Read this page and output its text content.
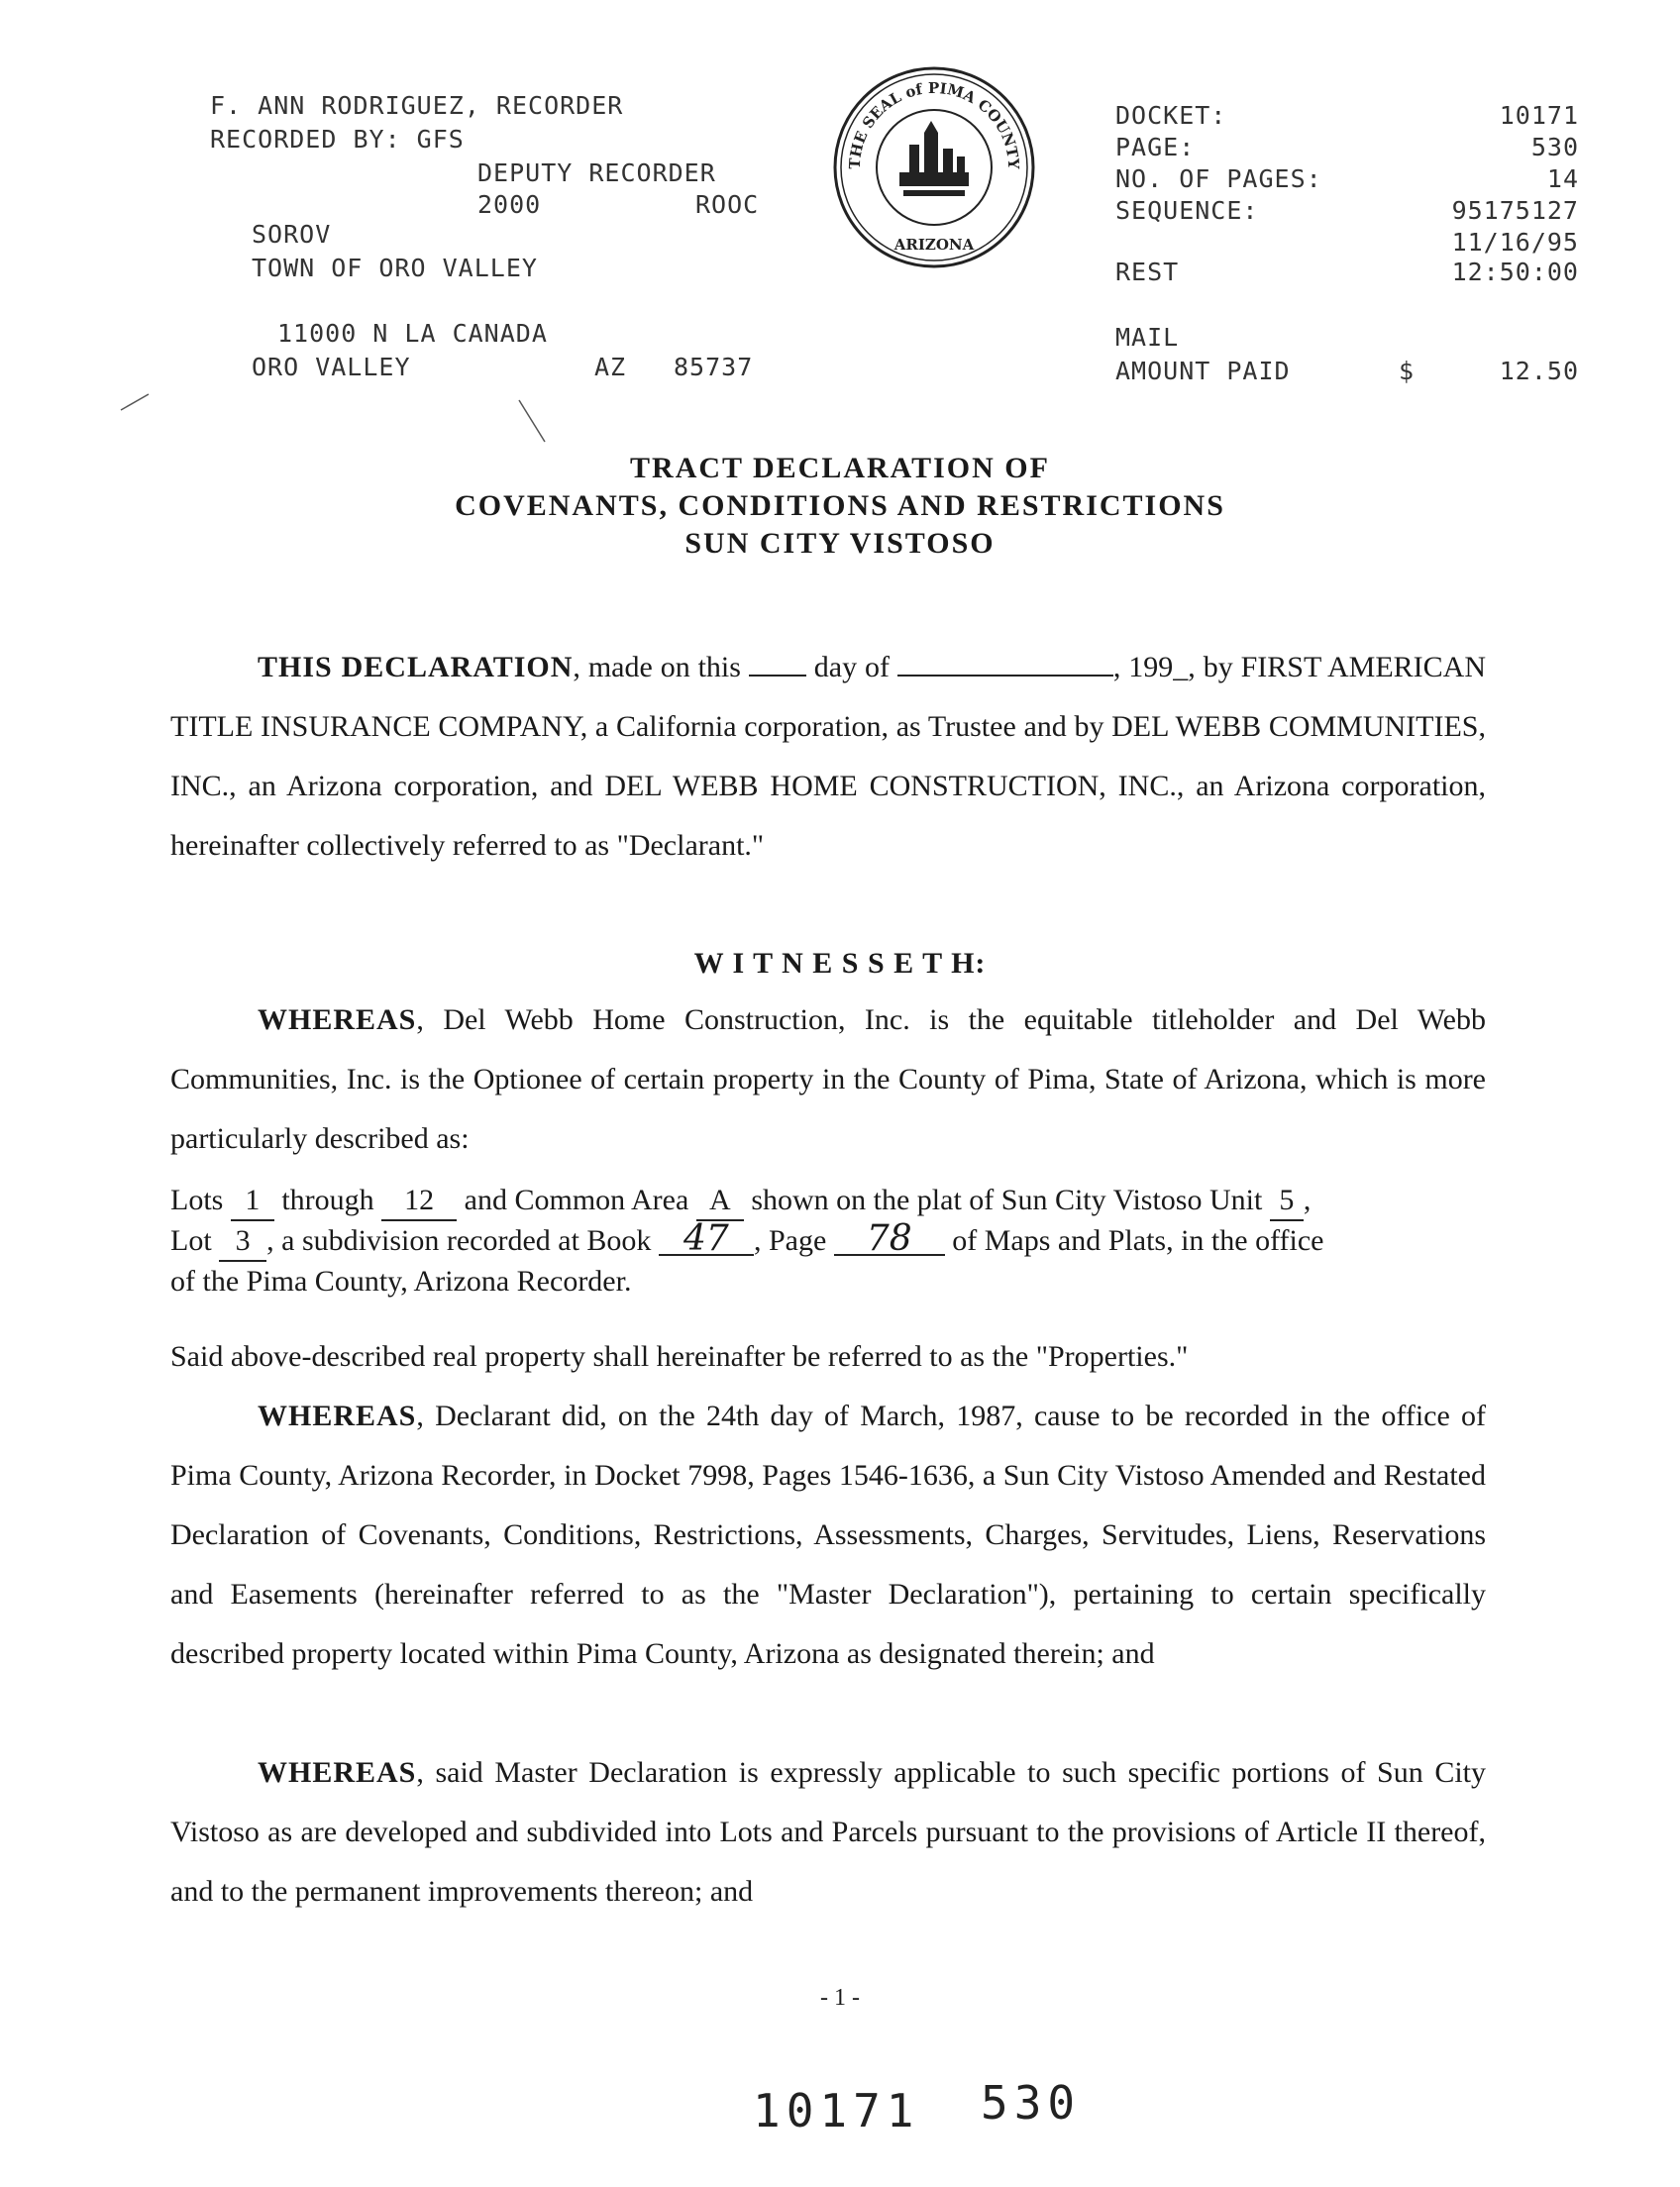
F. ANN RODRIGUEZ, RECORDER
RECORDED BY: GFS
DEPUTY RECORDER
2000	ROOC
SOROV
TOWN OF ORO VALLEY
11000 N LA CANADA
ORO VALLEY	AZ 85737
THE SEAL of PIMA COUNTY
ARIZONA
DOCKET:	10171
PAGE:	530
NO. OF PAGES:	14
SEQUENCE:	95175127
11/16/95
REST	12:50:00
MAIL
AMOUNT PAID	$	12.50
TRACT DECLARATION OF
COVENANTS, CONDITIONS AND RESTRICTIONS
SUN CITY VISTOSO
THIS DECLARATION, made on this day of	, 199_, by FIRST AMERICAN TITLE INSURANCE COMPANY, a California corporation, as Trustee and by DEL WEBB COMMUNITIES, INC., an Arizona corporation, and DEL WEBB HOME CONSTRUCTION, INC., an Arizona corporation, hereinafter collectively referred to as "Declarant."
W I T N E S S E T H:
WHEREAS, Del Webb Home Construction, Inc. is the equitable titleholder and Del Webb Communities, Inc. is the Optionee of certain property in the County of Pima, State of Arizona, which is more particularly described as:
Lots 1 through 12 and Common Area A shown on the plat of Sun City Vistoso Unit 5 ,
Lot 3 , a subdivision recorded at Book 47 , Page 78 of Maps and Plats, in the office
of the Pima County, Arizona Recorder.
Said above-described real property shall hereinafter be referred to as the "Properties."
WHEREAS, Declarant did, on the 24th day of March, 1987, cause to be recorded in the office of Pima County, Arizona Recorder, in Docket 7998, Pages 1546-1636, a Sun City Vistoso Amended and Restated Declaration of Covenants, Conditions, Restrictions, Assessments, Charges, Servitudes, Liens, Reservations and Easements (hereinafter referred to as the "Master Declaration"), pertaining to certain specifically described property located within Pima County, Arizona as designated therein; and
WHEREAS, said Master Declaration is expressly applicable to such specific portions of Sun City Vistoso as are developed and subdivided into Lots and Parcels pursuant to the provisions of Article II thereof, and to the permanent improvements thereon; and
- 1 -
10171 530
